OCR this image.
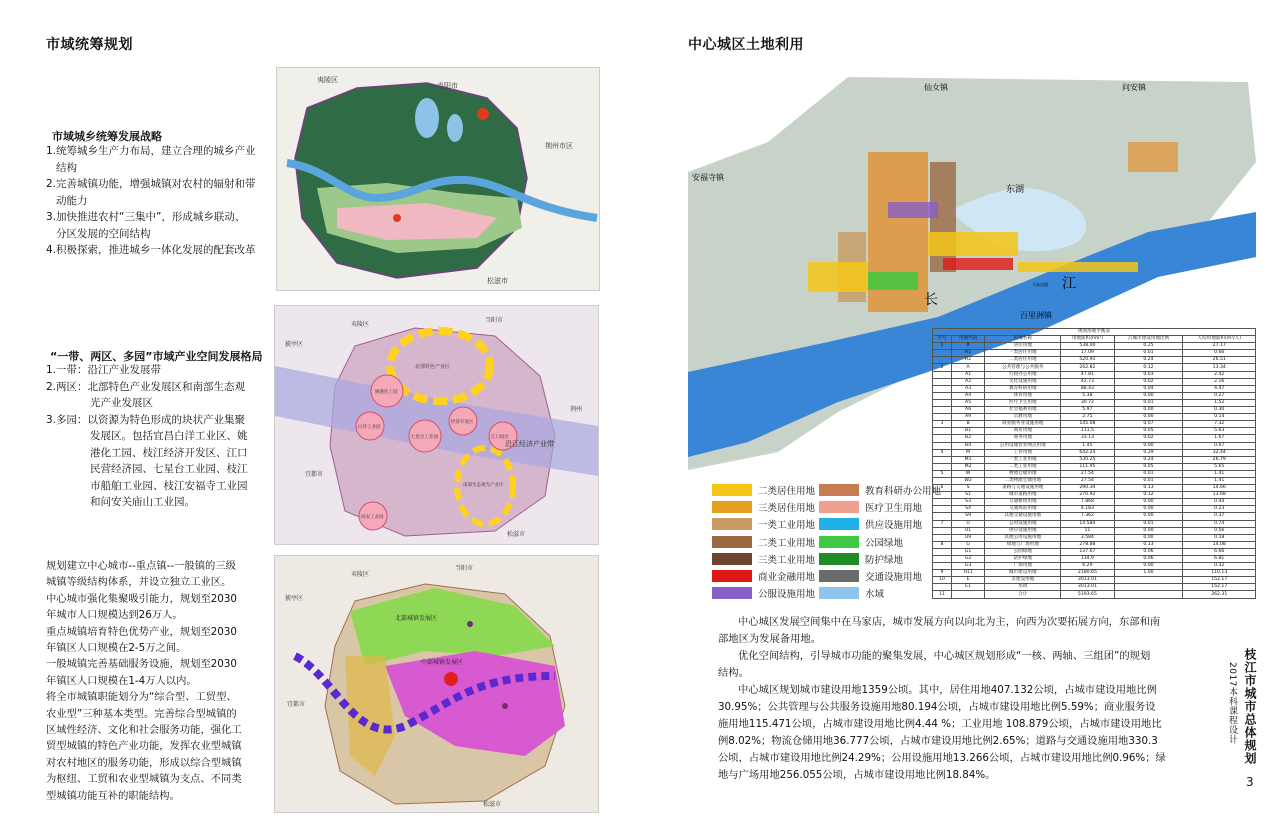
市域统筹规划
市域城乡统筹发展战略
1.统筹城乡生产力布局，建立合理的城乡产业
结构
2.完善城镇功能，增强城镇对农村的辐射和带
动能力
3.加快推进农村“三集中”，形成城乡联动、
分区发展的空间结构
4.积极探索，推进城乡一体化发展的配套改革
夷陵区
当阳市
荆州市区
松滋市
“一带、两区、多园”市域产业空间发展格局
1.一带：沿江产业发展带
2.两区：北部特色产业发展区和南部生态观
光产业发展区
3.多园：以资源为特色形成的块状产业集聚
发展区。包括宜昌白洋工业区、姚
港化工园、枝江经济开发区、江口
民营经济园、七星台工业园、枝江
市船舶工业园、枝江安福寺工业园
和问安关庙山工业园。
夷陵区
当阳市
猇亭区
宜都市
荆州
松滋市
北部特色产业区
沿江经济产业带
南部生态观光产业区
姚港化工园
白洋工业园
七星台工业园
问安工业园
江口园区
经济开发区
规划建立中心城市--重点镇--一般镇的三级
城镇等级结构体系，并设立独立工业区。
中心城市强化集聚吸引能力，规划至2030
年城市人口规模达到26万人。
重点城镇培育特色优势产业，规划至2030
年镇区人口规模在2-5万之间。
一般城镇完善基础服务设施，规划至2030
年镇区人口规模在1-4万人以内。
将全市城镇职能划分为“综合型、工贸型、
农业型”三种基本类型。完善综合型城镇的
区域性经济、文化和社会服务功能，强化工
贸型城镇的特色产业功能，发挥农业型城镇
对农村地区的服务功能，形成以综合型城镇
为枢纽、工贸和农业型城镇为支点、不同类
型城镇功能互补的职能结构。
夷陵区
当阳市
猇亭区
宜都市
松滋市
北部城镇发展区
中部城镇发展区
中心城区土地利用
仙女镇	问安镇
安福寺镇
百里洲镇
东湖
长
江
马家店镇
二类居住用地
三类居住用地
一类工业用地
二类工业用地
三类工业用地
商业金融用地
公服设施用地
教育科研办公用地
医疗卫生用地
供应设施用地
公园绿地
防护绿地
交通设施用地
水域
规划用地平衡表					
序号	用地代码	用地名称	用地面积(hm²)	占城市建设用地比例	人均用地面积(m²/人)
1	R	居住用地	538.00	0.25	27.17
	R1	一类居住用地	17.09	0.01	0.66
	R2	二类居住用地	520.91	0.24	26.51
2	A	公共管理与公共服务	262.82	0.12	13.34
	A1	行政办公用地	47.81	0.03	2.42
	A2	文化设施用地	42.73	0.02	2.16
	A3	教育科研用地	88.43	0.04	4.47
	A4	体育用地	5.38	0.00	0.27
	A5	医疗卫生用地	30.72	0.01	1.52
	A6	社会福利用地	5.97	0.00	0.30
	A9	宗教用地	2.75	0.00	0.14
3	B	商业服务业设施用地	145.08	0.07	7.32
	B1	商业用地	111.5	0.05	5.63
	B2	商务用地	33.13	0.02	1.67
	B4	公用设施营业网点用地	1.45	0.00	0.07
4	M	工业用地	642.24	0.29	32.44
	M1	一类工业用地	530.25	0.24	26.79
	M2	二类工业用地	111.95	0.05	5.65
5	W	物流仓储用地	27.54	0.01	1.41
	W2	二类物流仓储用地	27.54	0.01	1.41
6	S	道路与交通设施用地	290.34	0.13	14.66
	S1	城市道路用地	270.92	0.12	13.68
	S3	交通枢纽用地	7.868	0.00	0.44
	S4	交通场站用地	4.183	0.00	0.23
	S9	其他交通设施用地	7.362	0.00	0.37
7	U	公用设施用地	14.584	0.01	0.74
	U1	供应设施用地	11	0.00	0.56
	U9	其他公用设施用地	3.584	0.00	0.18
8	G	绿地与广场用地	278.88	0.13	14.08
	G1	公园绿地	137.67	0.06	6.66
	G2	防护绿地	134.9	0.06	6.81
	G3	广场用地	6.29	0.00	0.32
9	H11	城市建设用地	2180.65	1.00	110.13
10	E	非建设用地	3013.01		152.17
	E1	水域	3013.01		152.17
11		合计	5193.65		262.31
中心城区发展空间集中在马家店，城市发展方向以向北为主，向西为次要拓展方向，东部和南
部地区为发展备用地。
优化空间结构，引导城市功能的聚集发展，中心城区规划形成“一核、两轴、三组团”的规划
结构。
中心城区规划城市建设用地1359公顷。其中，居住用地407.132公顷，占城市建设用地比例
30.95%；公共管理与公共服务设施用地80.194公顷，占城市建设用地比例5.59%；商业服务设
施用地115.471公顷，占城市建设用地比例4.44 %；工业用地 108.879公顷，占城市建设用地比
例8.02%；物流仓储用地36.777公顷，占城市建设用地比例2.65%；道路与交通设施用地330.3
公顷，占城市建设用地比例24.29%；公用设施用地13.266公顷，占城市建设用地比例0.96%；绿
地与广场用地256.055公顷，占城市建设用地比例18.84%。
枝江市城市总体规划
2017本科课程设计
3
